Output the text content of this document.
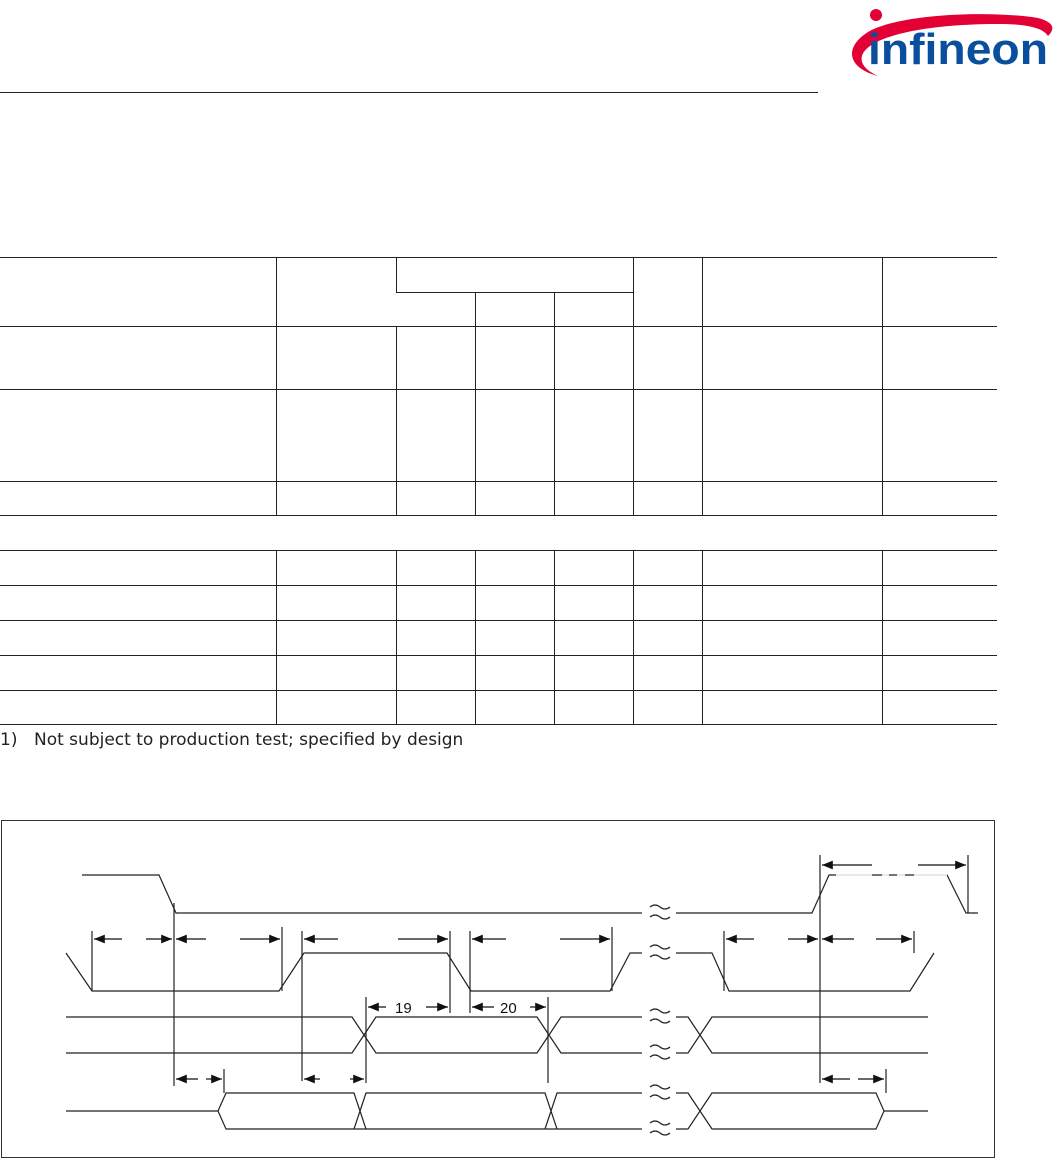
infineon

1) Not subject to production test; specified by design
19	20
